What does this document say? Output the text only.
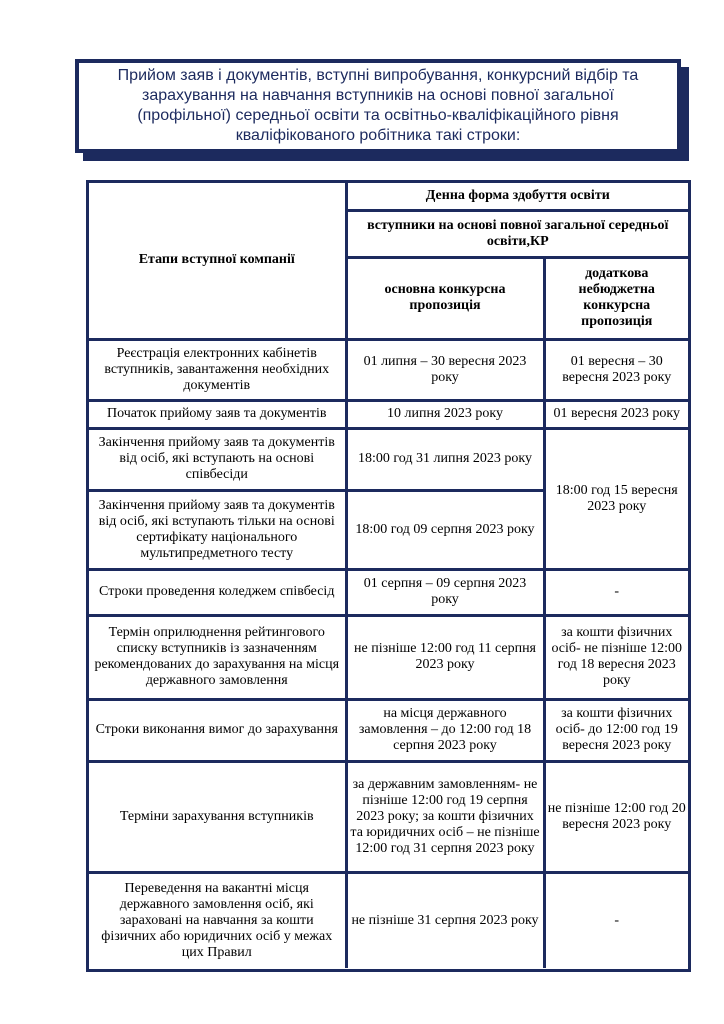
Прийом заяв і документів, вступні випробування, конкурсний відбір та зарахування на навчання вступників на основі повної загальної (профільної) середньої освіти та освітньо-кваліфікаційного рівня кваліфікованого робітника такі строки:
Етапи вступної компанії	Денна форма здобуття освіти	
	вступники на основі повної загальної середньої освіти,КР	
	основна конкурсна пропозиція	додаткова небюджетна конкурсна пропозиція
Реєстрація електронних кабінетів вступників, завантаження необхідних документів	01 липня – 30 вересня 2023 року	01 вересня – 30 вересня 2023 року
Початок прийому заяв та документів	10 липня 2023 року	01 вересня 2023 року
Закінчення прийому заяв та документів від осіб, які вступають на основі співбесіди	18:00 год 31 липня 2023 року	18:00 год 15 вересня 2023 року
Закінчення прийому заяв та документів від осіб, які вступають тільки на основі сертифікату національного мультипредметного тесту	18:00 год 09 серпня 2023 року	
Строки проведення коледжем співбесід	01 серпня – 09 серпня 2023 року	-
Термін оприлюднення рейтингового списку вступників із зазначенням рекомендованих до зарахування на місця державного замовлення	не пізніше 12:00 год 11 серпня 2023 року	за кошти фізичних осіб- не пізніше 12:00 год 18 вересня 2023 року
Строки виконання вимог до зарахування	на місця державного замовлення – до 12:00 год 18 серпня 2023 року	за кошти фізичних осіб- до 12:00 год 19 вересня 2023 року
Терміни зарахування вступників	за державним замовленням- не пізніше 12:00 год 19 серпня 2023 року; за кошти фізичних та юридичних осіб – не пізніше 12:00 год 31 серпня 2023 року	не пізніше 12:00 год 20 вересня 2023 року
Переведення на вакантні місця державного замовлення осіб, які зараховані на навчання за кошти фізичних або юридичних осіб у межах цих Правил	не пізніше 31 серпня 2023 року	-
